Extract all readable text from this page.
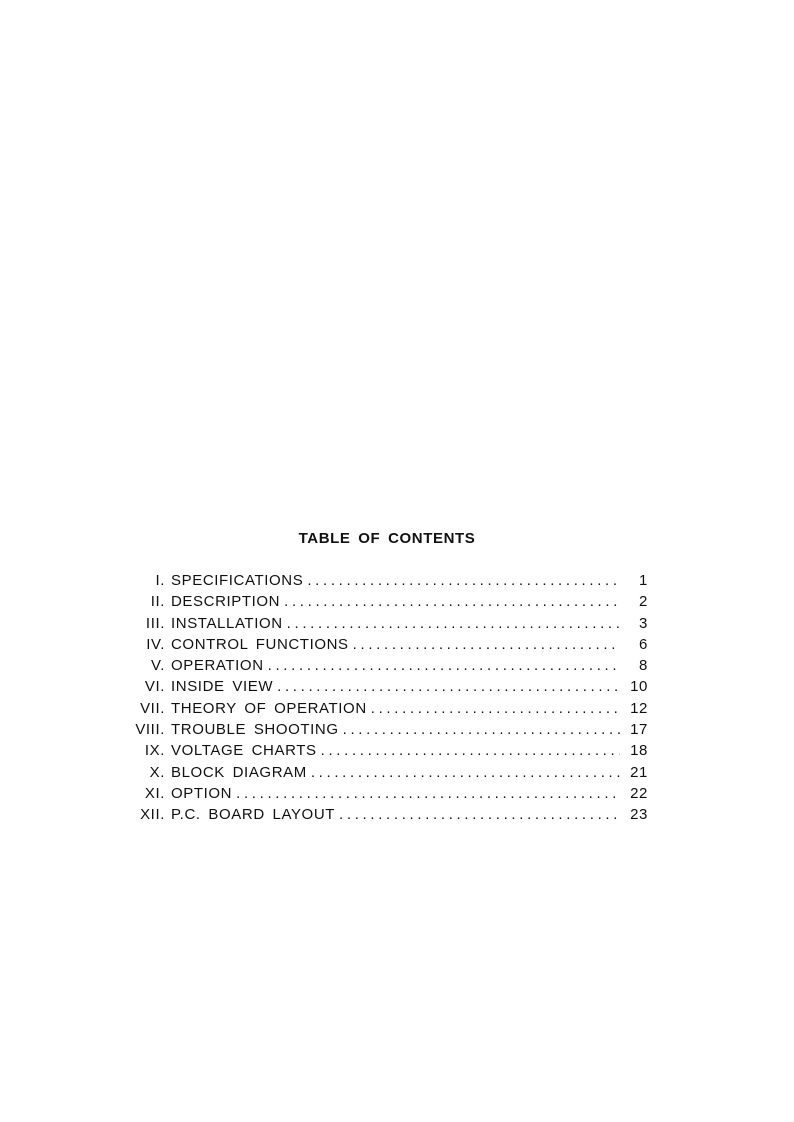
TABLE OF CONTENTS
I. SPECIFICATIONS . . .	1
II. DESCRIPTION . . .	2
III. INSTALLATION . . .	3
IV. CONTROL FUNCTIONS . . .	6
V. OPERATION . . .	8
VI. INSIDE VIEW . . .	10
VII. THEORY OF OPERATION . . .	12
VIII. TROUBLE SHOOTING . . .	17
IX. VOLTAGE CHARTS . . .	18
X. BLOCK DIAGRAM . . .	21
XI. OPTION . . .	22
XII. P.C. BOARD LAYOUT . . .	23
